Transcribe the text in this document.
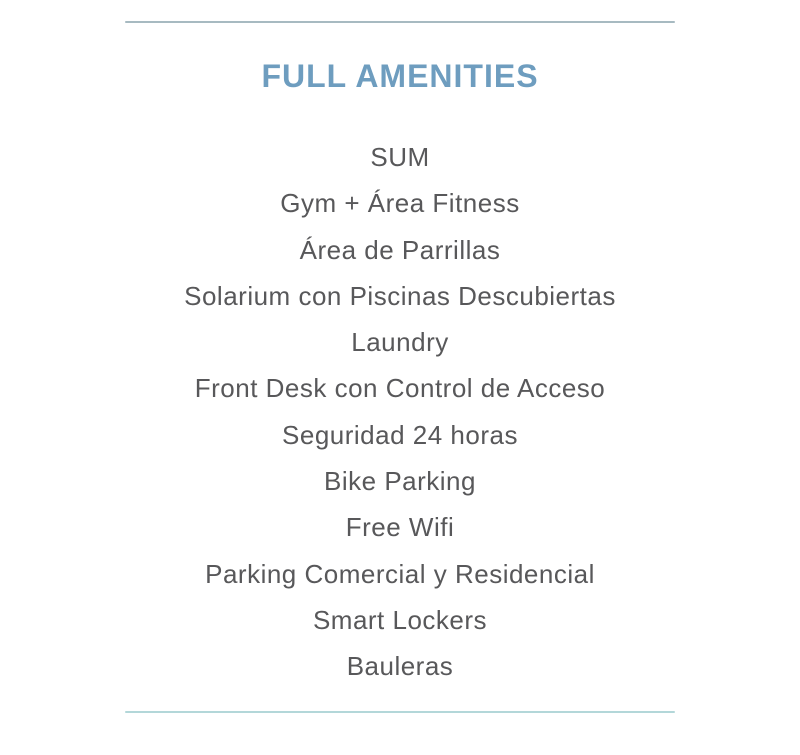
FULL AMENITIES
SUM
Gym + Área Fitness
Área de Parrillas
Solarium con Piscinas Descubiertas
Laundry
Front Desk con Control de Acceso
Seguridad 24 horas
Bike Parking
Free Wifi
Parking Comercial y Residencial
Smart Lockers
Bauleras
